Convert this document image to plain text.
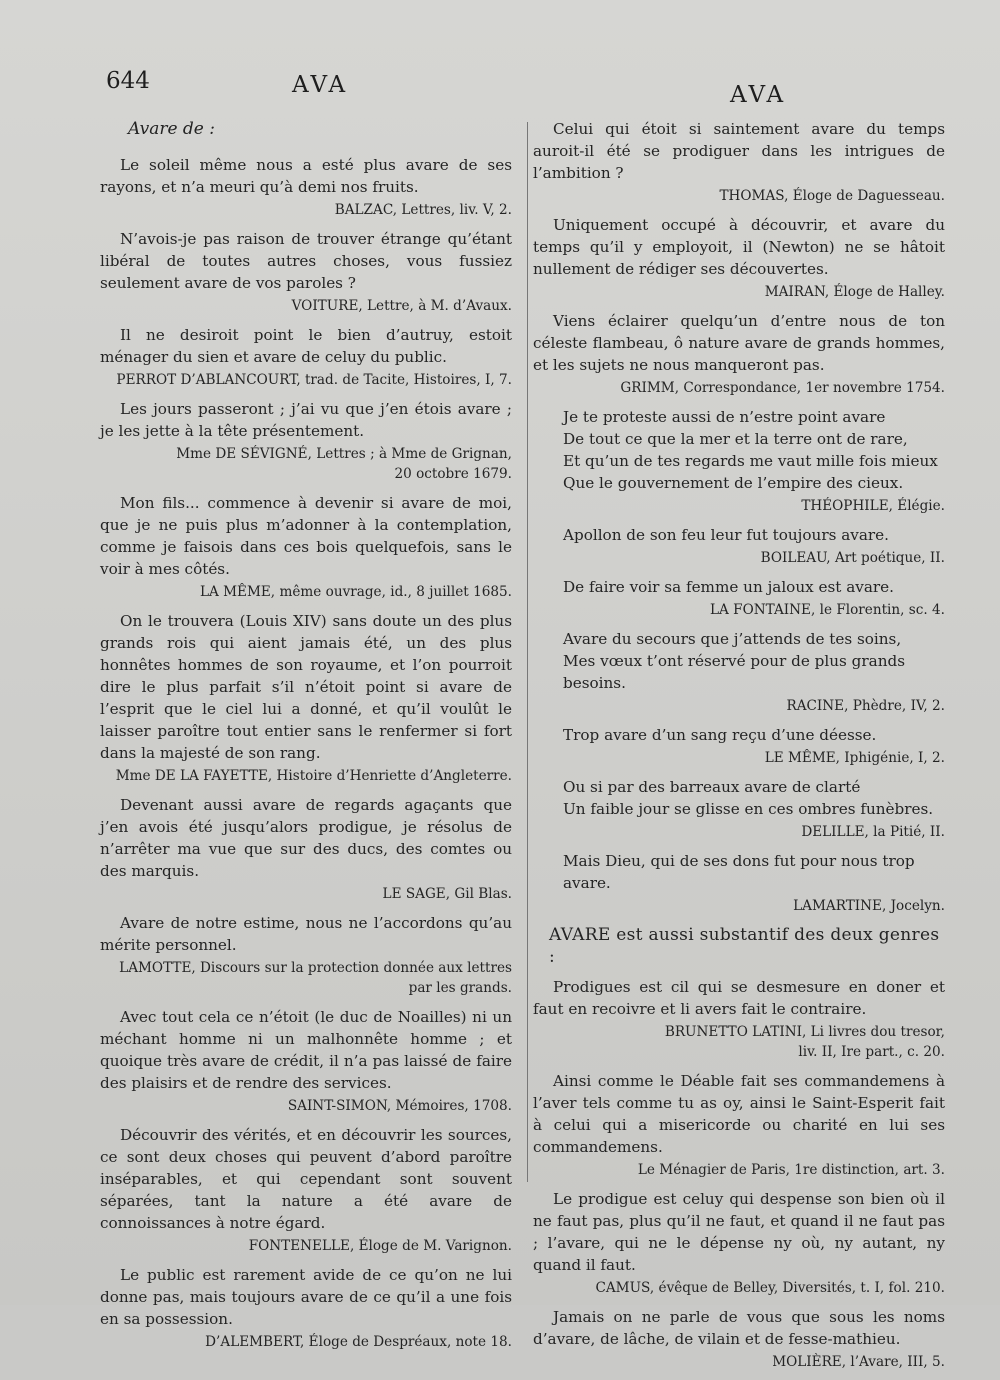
644	AVA	AVA
Avare de :
Le soleil même nous a esté plus avare de ses rayons, et n’a meuri qu’à demi nos fruits.
BALZAC, Lettres, liv. V, 2.
N’avois-je pas raison de trouver étrange qu’étant libéral de toutes autres choses, vous fussiez seulement avare de vos paroles ?
VOITURE, Lettre, à M. d’Avaux.
Il ne desiroit point le bien d’autruy, estoit ménager du sien et avare de celuy du public.
PERROT D’ABLANCOURT, trad. de Tacite, Histoires, I, 7.
Les jours passeront ; j’ai vu que j’en étois avare ; je les jette à la tête présentement.
Mme DE SÉVIGNÉ, Lettres ; à Mme de Grignan,
20 octobre 1679.
Mon fils... commence à devenir si avare de moi, que je ne puis plus m’adonner à la contemplation, comme je faisois dans ces bois quelquefois, sans le voir à mes côtés.
LA MÊME, même ouvrage, id., 8 juillet 1685.
On le trouvera (Louis XIV) sans doute un des plus grands rois qui aient jamais été, un des plus honnêtes hommes de son royaume, et l’on pourroit dire le plus parfait s’il n’étoit point si avare de l’esprit que le ciel lui a donné, et qu’il voulût le laisser paroître tout entier sans le renfermer si fort dans la majesté de son rang.
Mme DE LA FAYETTE, Histoire d’Henriette d’Angleterre.
Devenant aussi avare de regards agaçants que j’en avois été jusqu’alors prodigue, je résolus de n’arrêter ma vue que sur des ducs, des comtes ou des marquis.
LE SAGE, Gil Blas.
Avare de notre estime, nous ne l’accordons qu’au mérite personnel.
LAMOTTE, Discours sur la protection donnée aux lettres
par les grands.
Avec tout cela ce n’étoit (le duc de Noailles) ni un méchant homme ni un malhonnête homme ; et quoique très avare de crédit, il n’a pas laissé de faire des plaisirs et de rendre des services.
SAINT-SIMON, Mémoires, 1708.
Découvrir des vérités, et en découvrir les sources, ce sont deux choses qui peuvent d’abord paroître inséparables, et qui cependant sont souvent séparées, tant la nature a été avare de connoissances à notre égard.
FONTENELLE, Éloge de M. Varignon.
Le public est rarement avide de ce qu’on ne lui donne pas, mais toujours avare de ce qu’il a une fois en sa possession.
D’ALEMBERT, Éloge de Despréaux, note 18.
Celui qui étoit si saintement avare du temps auroit-il été se prodiguer dans les intrigues de l’ambition ?
THOMAS, Éloge de Daguesseau.
Uniquement occupé à découvrir, et avare du temps qu’il y employoit, il (Newton) ne se hâtoit nullement de rédiger ses découvertes.
MAIRAN, Éloge de Halley.
Viens éclairer quelqu’un d’entre nous de ton céleste flambeau, ô nature avare de grands hommes, et les sujets ne nous manqueront pas.
GRIMM, Correspondance, 1er novembre 1754.
Je te proteste aussi de n’estre point avare
De tout ce que la mer et la terre ont de rare,
Et qu’un de tes regards me vaut mille fois mieux
Que le gouvernement de l’empire des cieux.
THÉOPHILE, Élégie.
Apollon de son feu leur fut toujours avare.
BOILEAU, Art poétique, II.
De faire voir sa femme un jaloux est avare.
LA FONTAINE, le Florentin, sc. 4.
Avare du secours que j’attends de tes soins,
Mes vœux t’ont réservé pour de plus grands besoins.
RACINE, Phèdre, IV, 2.
Trop avare d’un sang reçu d’une déesse.
LE MÊME, Iphigénie, I, 2.
Ou si par des barreaux avare de clarté
Un faible jour se glisse en ces ombres funèbres.
DELILLE, la Pitié, II.
Mais Dieu, qui de ses dons fut pour nous trop avare.
LAMARTINE, Jocelyn.
AVARE est aussi substantif des deux genres :
Prodigues est cil qui se desmesure en doner et faut en recoivre et li avers fait le contraire.
BRUNETTO LATINI, Li livres dou tresor,
liv. II, Ire part., c. 20.
Ainsi comme le Déable fait ses commandemens à l’aver tels comme tu as oy, ainsi le Saint-Esperit fait à celui qui a misericorde ou charité en lui ses commandemens.
Le Ménagier de Paris, 1re distinction, art. 3.
Le prodigue est celuy qui despense son bien où il ne faut pas, plus qu’il ne faut, et quand il ne faut pas ; l’avare, qui ne le dépense ny où, ny autant, ny quand il faut.
CAMUS, évêque de Belley, Diversités, t. I, fol. 210.
Jamais on ne parle de vous que sous les noms d’avare, de lâche, de vilain et de fesse-mathieu.
MOLIÈRE, l’Avare, III, 5.
